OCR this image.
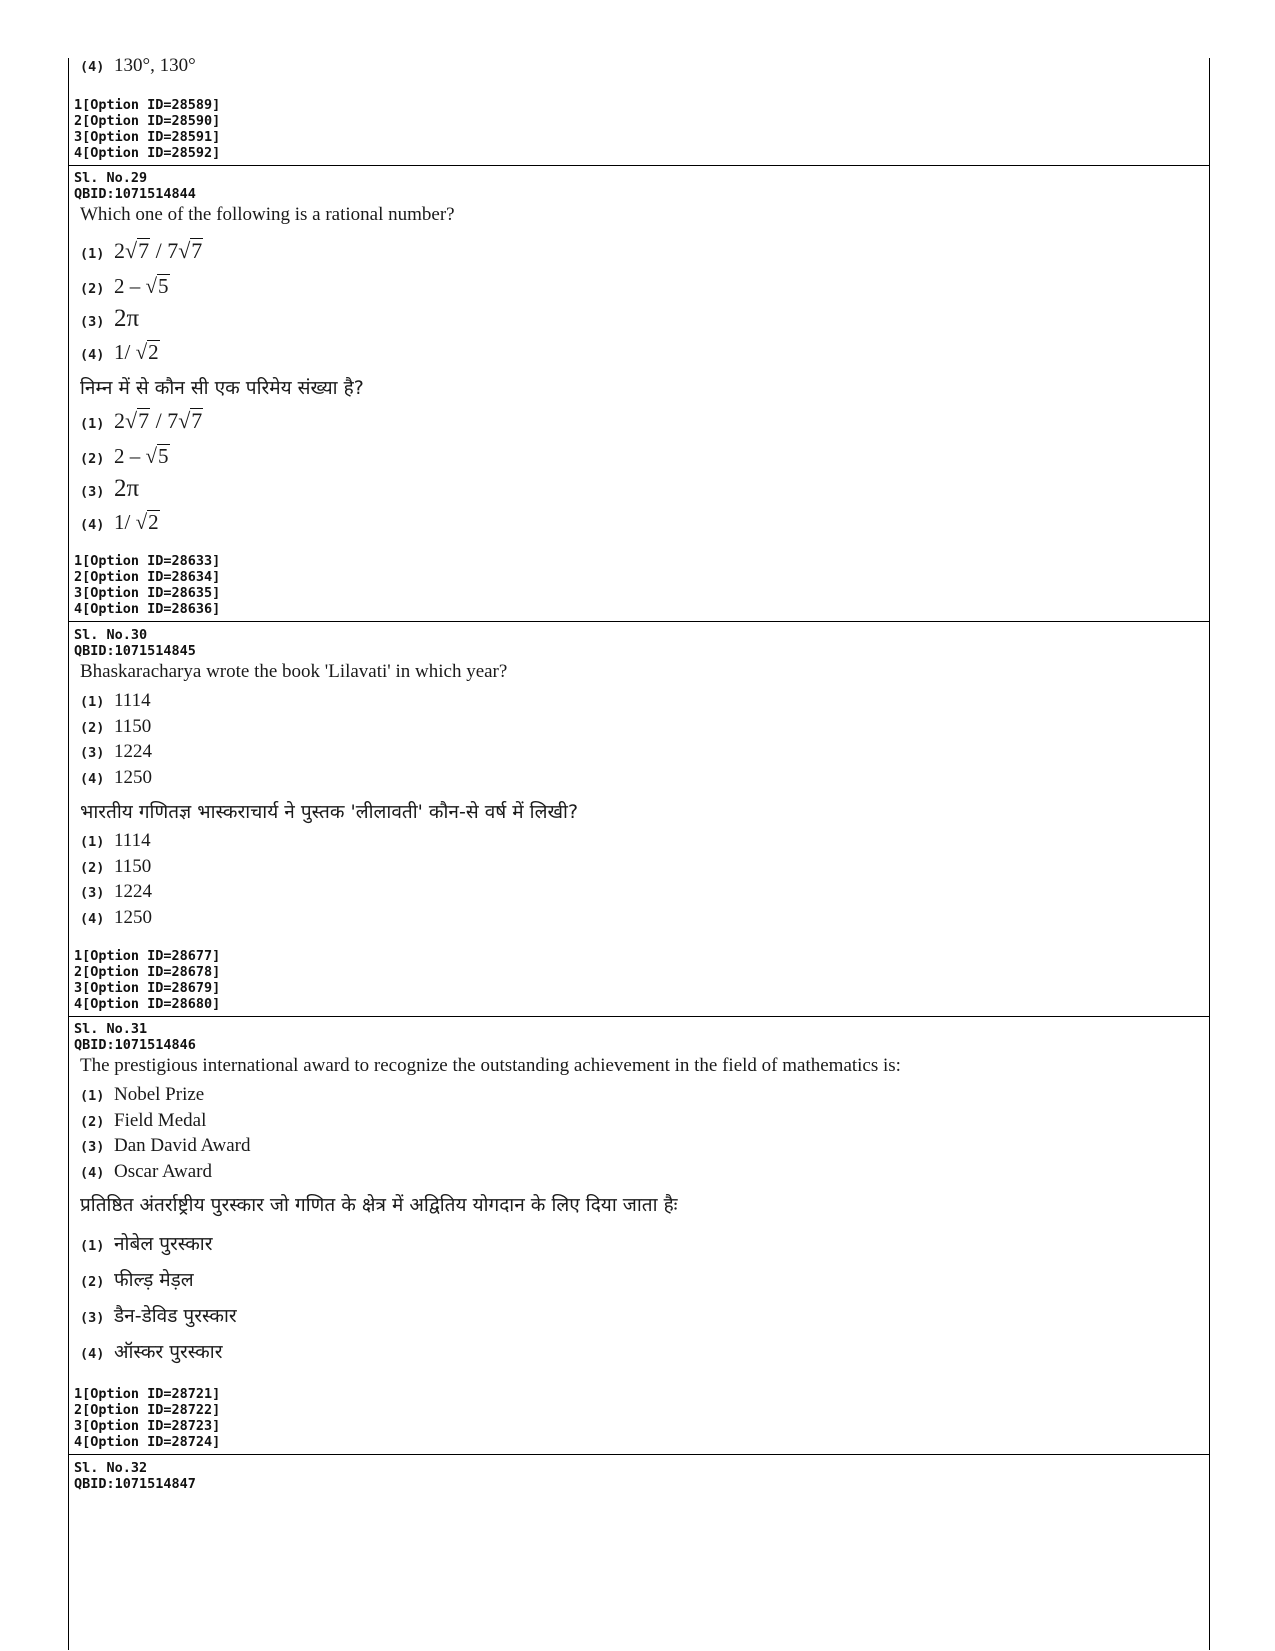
(4) 130°, 130°
1[Option ID=28589]
2[Option ID=28590]
3[Option ID=28591]
4[Option ID=28592]
Sl. No.29
QBID:1071514844
Which one of the following is a rational number?
(1) 2√7 / 7√7
(2) 2 – √5
(3) 2π
(4) 1/ √2
निम्न में से कौन सी एक परिमेय संख्या है?
(1) 2√7 / 7√7
(2) 2 – √5
(3) 2π
(4) 1/ √2
1[Option ID=28633]
2[Option ID=28634]
3[Option ID=28635]
4[Option ID=28636]
Sl. No.30
QBID:1071514845
Bhaskaracharya wrote the book 'Lilavati' in which year?
(1) 1114
(2) 1150
(3) 1224
(4) 1250
भारतीय गणितज्ञ भास्कराचार्य ने पुस्तक 'लीलावती' कौन-से वर्ष में लिखी?
(1) 1114
(2) 1150
(3) 1224
(4) 1250
1[Option ID=28677]
2[Option ID=28678]
3[Option ID=28679]
4[Option ID=28680]
Sl. No.31
QBID:1071514846
The prestigious international award to recognize the outstanding achievement in the field of mathematics is:
(1) Nobel Prize
(2) Field Medal
(3) Dan David Award
(4) Oscar Award
प्रतिष्ठित अंतर्राष्ट्रीय पुरस्कार जो गणित के क्षेत्र में अद्वितिय योगदान के लिए दिया जाता हैः
(1) नोबेल पुरस्कार
(2) फील्ड़ मेड़ल
(3) डैन-डेविड पुरस्कार
(4) ऑस्कर पुरस्कार
1[Option ID=28721]
2[Option ID=28722]
3[Option ID=28723]
4[Option ID=28724]
Sl. No.32
QBID:1071514847
